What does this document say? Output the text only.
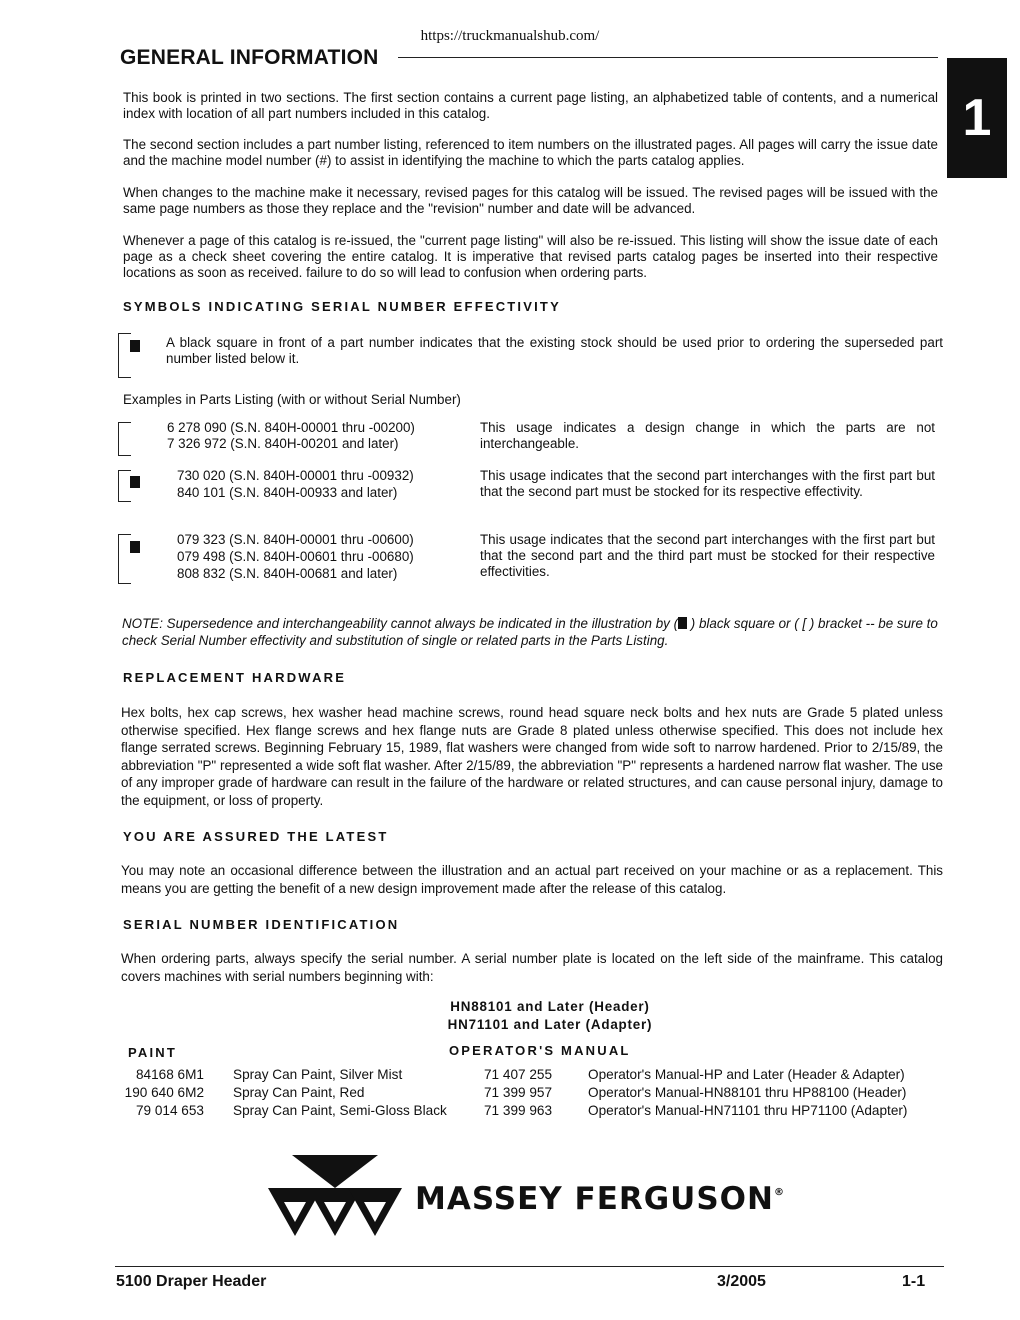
https://truckmanualshub.com/
GENERAL INFORMATION
1
This book is printed in two sections. The first section contains a current page listing, an alphabetized table of contents, and a numerical index with location of all part numbers included in this catalog.
The second section includes a part number listing, referenced to item numbers on the illustrated pages. All pages will carry the issue date and the machine model number (#) to assist in identifying the machine to which the parts catalog applies.
When changes to the machine make it necessary, revised pages for this catalog will be issued. The revised pages will be issued with the same page numbers as those they replace and the "revision" number and date will be advanced.
Whenever a page of this catalog is re-issued, the "current page listing" will also be re-issued. This listing will show the issue date of each page as a check sheet covering the entire catalog. It is imperative that revised parts catalog pages be inserted into their respective locations as soon as received. failure to do so will lead to confusion when ordering parts.
SYMBOLS INDICATING SERIAL NUMBER EFFECTIVITY
A black square in front of a part number indicates that the existing stock should be used prior to ordering the superseded part number listed below it.
Examples in Parts Listing (with or without Serial Number)
6 278 090 (S.N. 840H-00001 thru -00200)
7 326 972 (S.N. 840H-00201 and later)
This usage indicates a design change in which the parts are not interchangeable.
730 020 (S.N. 840H-00001 thru -00932)
840 101 (S.N. 840H-00933 and later)
This usage indicates that the second part interchanges with the first part but that the second part must be stocked for its respective effectivity.
079 323 (S.N. 840H-00001 thru -00600)
079 498 (S.N. 840H-00601 thru -00680)
808 832 (S.N. 840H-00681 and later)
This usage indicates that the second part interchanges with the first part but that the second part and the third part must be stocked for their respective effectivities.
NOTE: Supersedence and interchangeability cannot always be indicated in the illustration by ( ) black square or ( [ ) bracket -- be sure to check Serial Number effectivity and substitution of single or related parts in the Parts Listing.
REPLACEMENT HARDWARE
Hex bolts, hex cap screws, hex washer head machine screws, round head square neck bolts and hex nuts are Grade 5 plated unless otherwise specified. Hex flange screws and hex flange nuts are Grade 8 plated unless otherwise specified. This does not include hex flange serrated screws. Beginning February 15, 1989, flat washers were changed from wide soft to narrow hardened. Prior to 2/15/89, the abbreviation "P" represented a wide soft flat washer. After 2/15/89, the abbreviation "P" represents a hardened narrow flat washer. The use of any improper grade of hardware can result in the failure of the hardware or related structures, and can cause personal injury, damage to the equipment, or loss of property.
YOU ARE ASSURED THE LATEST
You may note an occasional difference between the illustration and an actual part received on your machine or as a replacement. This means you are getting the benefit of a new design improvement made after the release of this catalog.
SERIAL NUMBER IDENTIFICATION
When ordering parts, always specify the serial number. A serial number plate is located on the left side of the mainframe. This catalog covers machines with serial numbers beginning with:
HN88101 and Later (Header)
HN71101 and Later (Adapter)
PAINT	OPERATOR'S MANUAL
84168 6M1 Spray Can Paint, Silver Mist
190 640 6M2 Spray Can Paint, Red
79 014 653 Spray Can Paint, Semi-Gloss Black
71 407 255	Operator's Manual-HP and Later (Header & Adapter)
71 399 957	Operator's Manual-HN88101 thru HP88100 (Header)
71 399 963	Operator's Manual-HN71101 thru HP71100 (Adapter)
MASSEY FERGUSON®
5100 Draper Header	3/2005	1-1
